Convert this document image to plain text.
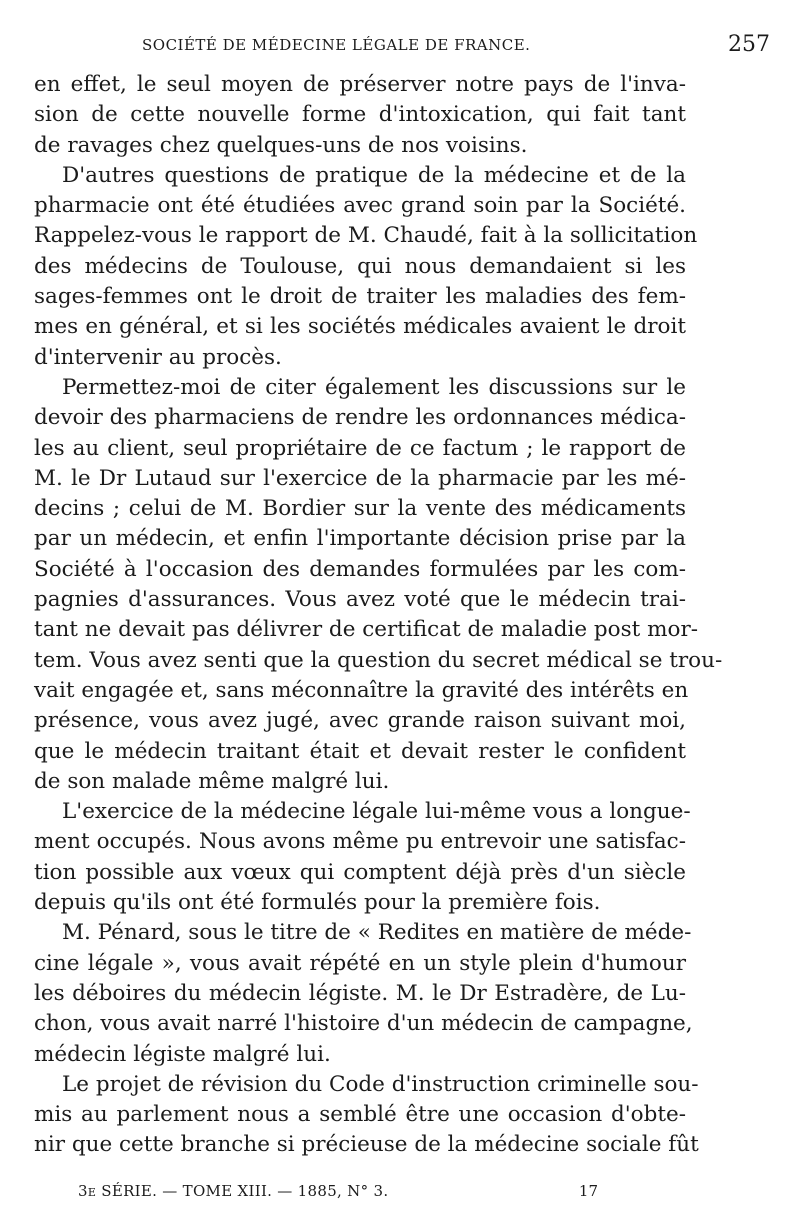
SOCIÉTÉ DE MÉDECINE LÉGALE DE FRANCE.	257
en effet, le seul moyen de préserver notre pays de l'inva-
sion de cette nouvelle forme d'intoxication, qui fait tant
de ravages chez quelques-uns de nos voisins.
D'autres questions de pratique de la médecine et de la
pharmacie ont été étudiées avec grand soin par la Société.
Rappelez-vous le rapport de M. Chaudé, fait à la sollicitation
des médecins de Toulouse, qui nous demandaient si les
sages-femmes ont le droit de traiter les maladies des fem-
mes en général, et si les sociétés médicales avaient le droit
d'intervenir au procès.
Permettez-moi de citer également les discussions sur le
devoir des pharmaciens de rendre les ordonnances médica-
les au client, seul propriétaire de ce factum ; le rapport de
M. le Dr Lutaud sur l'exercice de la pharmacie par les mé-
decins ; celui de M. Bordier sur la vente des médicaments
par un médecin, et enfin l'importante décision prise par la
Société à l'occasion des demandes formulées par les com-
pagnies d'assurances. Vous avez voté que le médecin trai-
tant ne devait pas délivrer de certificat de maladie post mor-
tem. Vous avez senti que la question du secret médical se trou-
vait engagée et, sans méconnaître la gravité des intérêts en
présence, vous avez jugé, avec grande raison suivant moi,
que le médecin traitant était et devait rester le confident
de son malade même malgré lui.
L'exercice de la médecine légale lui-même vous a longue-
ment occupés. Nous avons même pu entrevoir une satisfac-
tion possible aux vœux qui comptent déjà près d'un siècle
depuis qu'ils ont été formulés pour la première fois.
M. Pénard, sous le titre de « Redites en matière de méde-
cine légale », vous avait répété en un style plein d'humour
les déboires du médecin légiste. M. le Dr Estradère, de Lu-
chon, vous avait narré l'histoire d'un médecin de campagne,
médecin légiste malgré lui.
Le projet de révision du Code d'instruction criminelle sou-
mis au parlement nous a semblé être une occasion d'obte-
nir que cette branche si précieuse de la médecine sociale fût
3e SÉRIE. — TOME XIII. — 1885, N° 3.	17
